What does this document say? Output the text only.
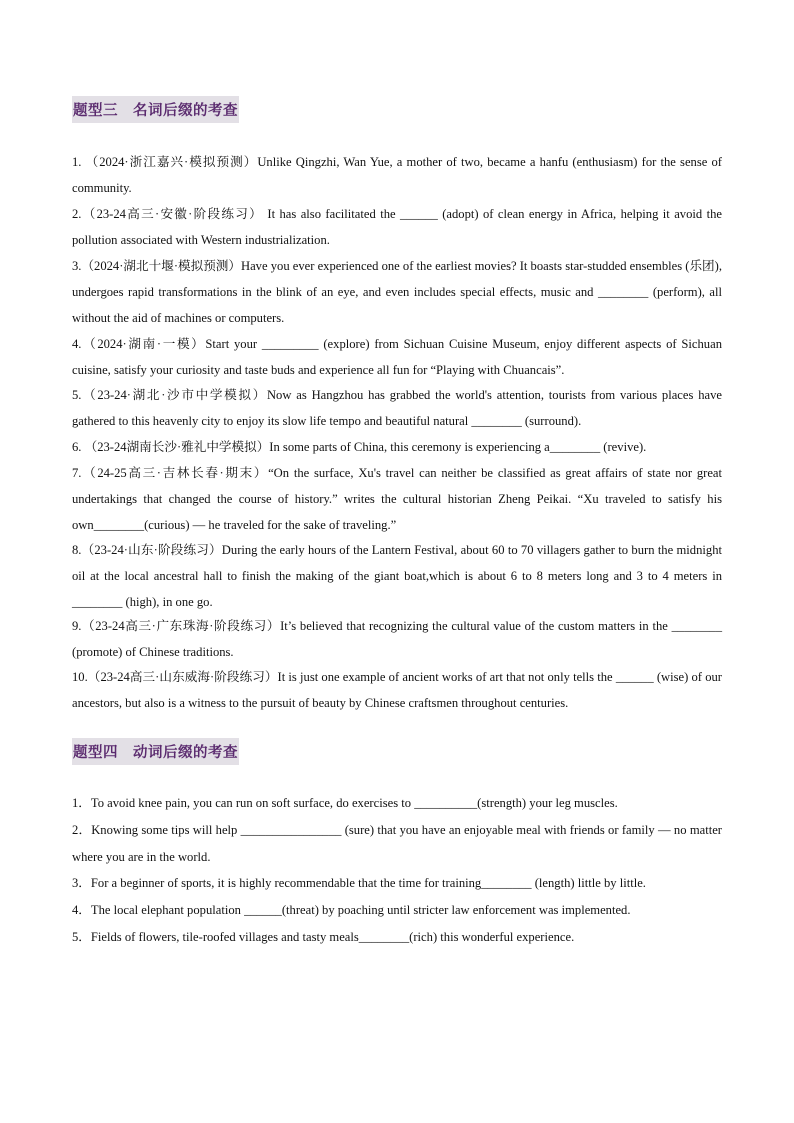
题型三　名词后缀的考查

1. （2024·浙江嘉兴·模拟预测）Unlike Qingzhi, Wan Yue, a mother of two, became a hanfu (enthusiasm) for the sense of community.

2.（23-24高三·安徽·阶段练习） It has also facilitated the ______ (adopt) of clean energy in Africa, helping it avoid the pollution associated with Western industrialization.

3.（2024·湖北十堰·模拟预测）Have you ever experienced one of the earliest movies? It boasts star-studded ensembles (乐团), undergoes rapid transformations in the blink of an eye, and even includes special effects, music and ________ (perform), all without the aid of machines or computers.

4.（2024·湖南·一模）Start your _________ (explore) from Sichuan Cuisine Museum, enjoy different aspects of Sichuan cuisine, satisfy your curiosity and taste buds and experience all fun for “Playing with Chuancais”.

5.（23-24·湖北·沙市中学模拟）Now as Hangzhou has grabbed the world's attention, tourists from various places have gathered to this heavenly city to enjoy its slow life tempo and beautiful natural ________ (surround).

6. （23-24湖南长沙·雅礼中学模拟）In some parts of China, this ceremony is experiencing a________ (revive).

7.（24-25高三·吉林长春·期末）“On the surface, Xu's travel can neither be classified as great affairs of state nor great undertakings that changed the course of history.” writes the cultural historian Zheng Peikai. “Xu traveled to satisfy his own________(curious) — he traveled for the sake of traveling.”

8.（23-24·山东·阶段练习）During the early hours of the Lantern Festival, about 60 to 70 villagers gather to burn the midnight oil at the local ancestral hall to finish the making of the giant boat,which is about 6 to 8 meters long and 3 to 4 meters in ________ (high), in one go.

9.（23-24高三·广东珠海·阶段练习）It’s believed that recognizing the cultural value of the custom matters in the ________ (promote) of Chinese traditions.

10.（23-24高三·山东威海·阶段练习）It is just one example of ancient works of art that not only tells the ______ (wise) of our ancestors, but also is a witness to the pursuit of beauty by Chinese craftsmen throughout centuries.

题型四　动词后缀的考查

1．To avoid knee pain, you can run on soft surface, do exercises to __________(strength) your leg muscles.

2．Knowing some tips will help ________________ (sure) that you have an enjoyable meal with friends or family — no matter where you are in the world.

3．For a beginner of sports, it is highly recommendable that the time for training________ (length) little by little.

4．The local elephant population ______(threat) by poaching until stricter law enforcement was implemented.

5．Fields of flowers, tile-roofed villages and tasty meals________(rich) this wonderful experience.
